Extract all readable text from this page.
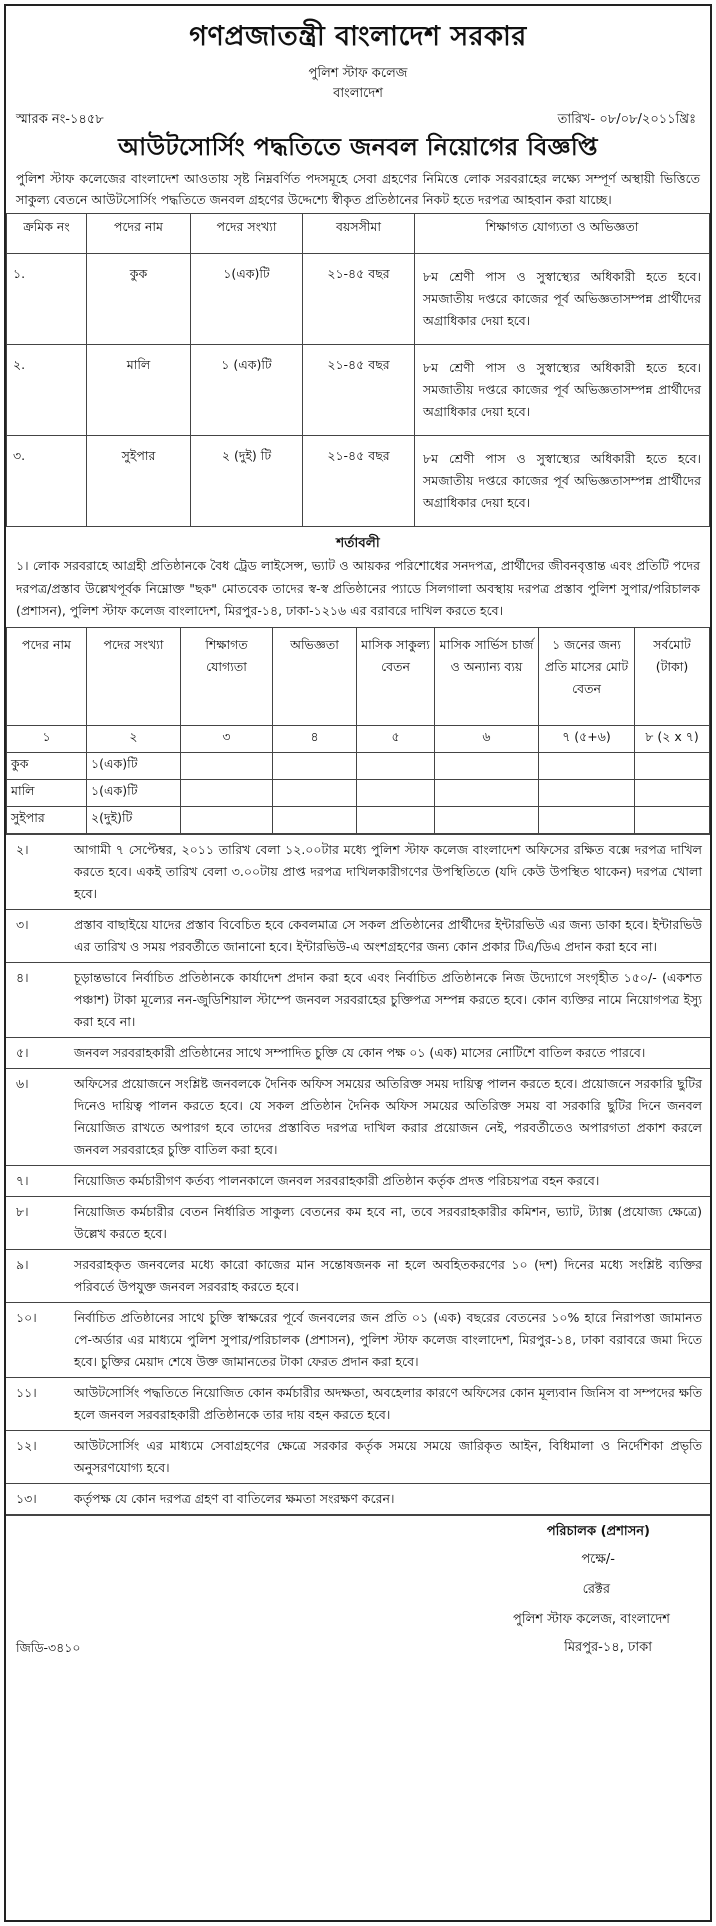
গণপ্রজাতন্ত্রী বাংলাদেশ সরকার
পুলিশ স্টাফ কলেজ
বাংলাদেশ
স্মারক নং-১৪৫৮	তারিখ- ০৮/০৮/২০১১খ্রিঃ
আউটসোর্সিং পদ্ধতিতে জনবল নিয়োগের বিজ্ঞপ্তি
পুলিশ স্টাফ কলেজের বাংলাদেশ আওতায় সৃষ্ট নিম্নবর্ণিত পদসমূহে সেবা গ্রহণের নিমিত্তে লোক সরবরাহের লক্ষ্যে সম্পূর্ণ অস্থায়ী ভিত্তিতে সাকুল্য বেতনে আউটসোর্সিং পদ্ধতিতে জনবল গ্রহণের উদ্দেশ্যে স্বীকৃত প্রতিষ্ঠানের নিকট হতে দরপত্র আহবান করা যাচ্ছে।
ক্রমিক নং	পদের নাম	পদের সংখ্যা	বয়সসীমা	শিক্ষাগত যোগ্যতা ও অভিজ্ঞতা
১.	কুক	১(এক)টি	২১-৪৫ বছর	৮ম শ্রেণী পাস ও সুস্বাস্থ্যের অধিকারী হতে হবে। সমজাতীয় দপ্তরে কাজের পূর্ব অভিজ্ঞতাসম্পন্ন প্রার্থীদের অগ্রাধিকার দেয়া হবে।
২.	মালি	১ (এক)টি	২১-৪৫ বছর	৮ম শ্রেণী পাস ও সুস্বাস্থ্যের অধিকারী হতে হবে। সমজাতীয় দপ্তরে কাজের পূর্ব অভিজ্ঞতাসম্পন্ন প্রার্থীদের অগ্রাধিকার দেয়া হবে।
৩.	সুইপার	২ (দুই) টি	২১-৪৫ বছর	৮ম শ্রেণী পাস ও সুস্বাস্থ্যের অধিকারী হতে হবে। সমজাতীয় দপ্তরে কাজের পূর্ব অভিজ্ঞতাসম্পন্ন প্রার্থীদের অগ্রাধিকার দেয়া হবে।
শর্তাবলী
১। লোক সরবরাহে আগ্রহী প্রতিষ্ঠানকে বৈধ ট্রেড লাইসেন্স, ভ্যাট ও আয়কর পরিশোধের সনদপত্র, প্রার্থীদের জীবনবৃত্তান্ত এবং প্রতিটি পদের দরপত্র/প্রস্তাব উল্লেখপূর্বক নিম্নোক্ত "ছক" মোতবেক তাদের স্ব-স্ব প্রতিষ্ঠানের প্যাডে সিলগালা অবস্থায় দরপত্র প্রস্তাব পুলিশ সুপার/পরিচালক (প্রশাসন), পুলিশ স্টাফ কলেজ বাংলাদেশ, মিরপুর-১৪, ঢাকা-১২১৬ এর বরাবরে দাখিল করতে হবে।
পদের নাম	পদের সংখ্যা	শিক্ষাগত যোগ্যতা	অভিজ্ঞতা	মাসিক সাকুল্য বেতন	মাসিক সার্ভিস চার্জ ও অন্যান্য ব্যয়	১ জনের জন্য প্রতি মাসের মোট বেতন	সর্বমোট (টাকা)
১	২	৩	৪	৫	৬	৭ (৫+৬)	৮ (২ x ৭)
কুক	১(এক)টি						
মালি	১(এক)টি						
সুইপার	২(দুই)টি						
২।	আগামী ৭ সেপ্টেম্বর, ২০১১ তারিখ বেলা ১২.০০টার মধ্যে পুলিশ স্টাফ কলেজ বাংলাদেশ অফিসের রক্ষিত বক্সে দরপত্র দাখিল করতে হবে। একই তারিখ বেলা ৩.০০টায় প্রাপ্ত দরপত্র দাখিলকারীগণের উপস্থিতিতে (যদি কেউ উপস্থিত থাকেন) দরপত্র খোলা হবে।
৩।	প্রস্তাব বাছাইয়ে যাদের প্রস্তাব বিবেচিত হবে কেবলমাত্র সে সকল প্রতিষ্ঠানের প্রার্থীদের ইন্টারভিউ এর জন্য ডাকা হবে। ইন্টারভিউ এর তারিখ ও সময় পরবর্তীতে জানানো হবে। ইন্টারভিউ-এ অংশগ্রহণের জন্য কোন প্রকার টিএ/ডিএ প্রদান করা হবে না।
৪।	চূড়ান্তভাবে নির্বাচিত প্রতিষ্ঠানকে কার্যাদেশ প্রদান করা হবে এবং নির্বাচিত প্রতিষ্ঠানকে নিজ উদ্যোগে সংগৃহীত ১৫০/- (একশত পঞ্চাশ) টাকা মূল্যের নন-জুডিশিয়াল স্টাম্পে জনবল সরবরাহের চুক্তিপত্র সম্পন্ন করতে হবে। কোন ব্যক্তির নামে নিয়োগপত্র ইস্যু করা হবে না।
৫।	জনবল সরবরাহকারী প্রতিষ্ঠানের সাথে সম্পাদিত চুক্তি যে কোন পক্ষ ০১ (এক) মাসের নোটিশে বাতিল করতে পারবে।
৬।	অফিসের প্রয়োজনে সংশ্লিষ্ট জনবলকে দৈনিক অফিস সময়ের অতিরিক্ত সময় দায়িত্ব পালন করতে হবে। প্রয়োজনে সরকারি ছুটির দিনেও দায়িত্ব পালন করতে হবে। যে সকল প্রতিষ্ঠান দৈনিক অফিস সময়ের অতিরিক্ত সময় বা সরকারি ছুটির দিনে জনবল নিয়োজিত রাখতে অপারগ হবে তাদের প্রস্তাবিত দরপত্র দাখিল করার প্রয়োজন নেই, পরবর্তীতেও অপারগতা প্রকাশ করলে জনবল সরবরাহের চুক্তি বাতিল করা হবে।
৭।	নিয়োজিত কর্মচারীগণ কর্তব্য পালনকালে জনবল সরবরাহকারী প্রতিষ্ঠান কর্তৃক প্রদত্ত পরিচয়পত্র বহন করবে।
৮।	নিয়োজিত কর্মচারীর বেতন নির্ধারিত সাকুল্য বেতনের কম হবে না, তবে সরবরাহকারীর কমিশন, ভ্যাট, ট্যাক্স (প্রযোজ্য ক্ষেত্রে) উল্লেখ করতে হবে।
৯।	সরবরাহকৃত জনবলের মধ্যে কারো কাজের মান সন্তোষজনক না হলে অবহিতকরণের ১০ (দশ) দিনের মধ্যে সংশ্লিষ্ট ব্যক্তির পরিবর্তে উপযুক্ত জনবল সরবরাহ করতে হবে।
১০।	নির্বাচিত প্রতিষ্ঠানের সাথে চুক্তি স্বাক্ষরের পূর্বে জনবলের জন প্রতি ০১ (এক) বছরের বেতনের ১০% হারে নিরাপত্তা জামানত পে-অর্ডার এর মাধ্যমে পুলিশ সুপার/পরিচালক (প্রশাসন), পুলিশ স্টাফ কলেজ বাংলাদেশ, মিরপুর-১৪, ঢাকা বরাবরে জমা দিতে হবে। চুক্তির মেয়াদ শেষে উক্ত জামানতের টাকা ফেরত প্রদান করা হবে।
১১।	আউটসোর্সিং পদ্ধতিতে নিয়োজিত কোন কর্মচারীর অদক্ষতা, অবহেলার কারণে অফিসের কোন মূল্যবান জিনিস বা সম্পদের ক্ষতি হলে জনবল সরবরাহকারী প্রতিষ্ঠানকে তার দায় বহন করতে হবে।
১২।	আউটসোর্সিং এর মাধ্যমে সেবাগ্রহণের ক্ষেত্রে সরকার কর্তৃক সময়ে সময়ে জারিকৃত আইন, বিধিমালা ও নির্দেশিকা প্রভৃতি অনুসরণযোগ্য হবে।
১৩।	কর্তৃপক্ষ যে কোন দরপত্র গ্রহণ বা বাতিলের ক্ষমতা সংরক্ষণ করেন।
পরিচালক (প্রশাসন)
পক্ষে/-
রেক্টর
পুলিশ স্টাফ কলেজ, বাংলাদেশ
মিরপুর-১৪, ঢাকা
জিডি-৩৪১০
